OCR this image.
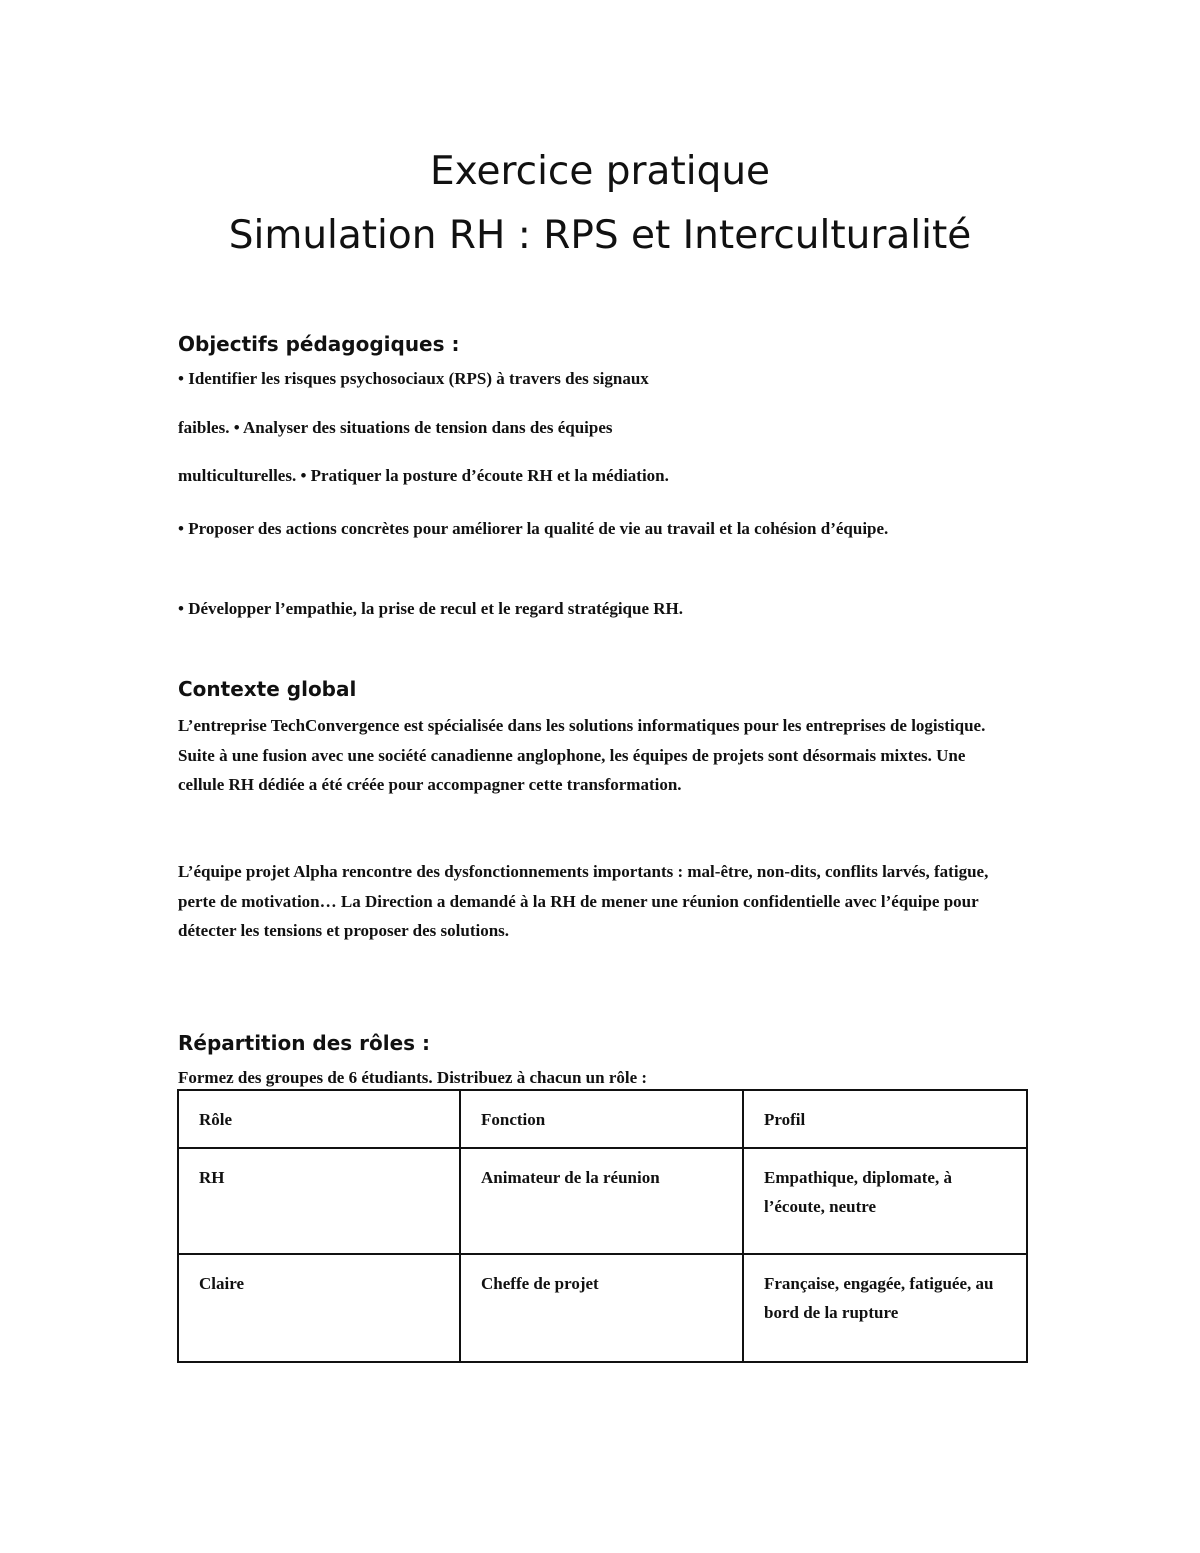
Exercice pratique
Simulation RH : RPS et Interculturalité
Objectifs pédagogiques :
• Identifier les risques psychosociaux (RPS) à travers des signaux
faibles. • Analyser des situations de tension dans des équipes
multiculturelles. • Pratiquer la posture d’écoute RH et la médiation.

• Proposer des actions concrètes pour améliorer la qualité de vie au travail et la cohésion d’équipe.

• Développer l’empathie, la prise de recul et le regard stratégique RH.

Contexte global

L’entreprise TechConvergence est spécialisée dans les solutions informatiques pour les entreprises de logistique. Suite à une fusion avec une société canadienne anglophone, les équipes de projets sont désormais mixtes. Une cellule RH dédiée a été créée pour accompagner cette transformation.

L’équipe projet Alpha rencontre des dysfonctionnements importants : mal-être, non-dits, conflits larvés, fatigue, perte de motivation… La Direction a demandé à la RH de mener une réunion confidentielle avec l’équipe pour détecter les tensions et proposer des solutions.

Répartition des rôles :
Formez des groupes de 6 étudiants. Distribuez à chacun un rôle :
Rôle	Fonction	Profil
RH	Animateur de la réunion	Empathique, diplomate, à l’écoute, neutre
Claire	Cheffe de projet	Française, engagée, fatiguée, au bord de la rupture
